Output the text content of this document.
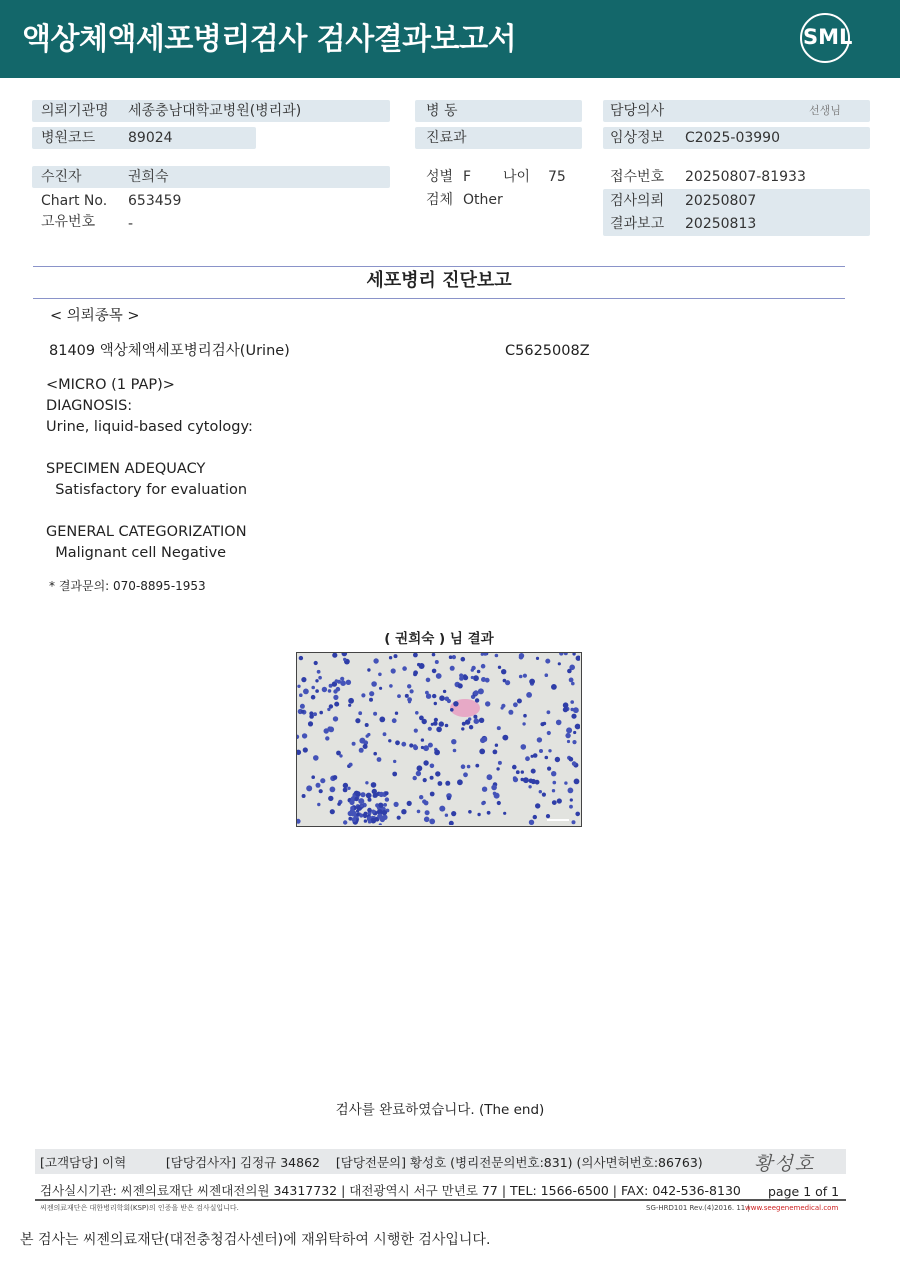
액상체액세포병리검사 검사결과보고서	SML
의뢰기관명 세종충남대학교병원(병리과)
병원코드 89024
수진자	권희숙
Chart No. 653459
고유번호 -
병 동
진료과
성별 F 나이 75
검체 Other
담당의사	선생님
임상정보 C2025-03990
접수번호 20250807-81933
검사의뢰 20250807
결과보고 20250813
세포병리 진단보고
< 의뢰종목 >
81409 액상체액세포병리검사(Urine)	C5625008Z
<MICRO (1 PAP)>
DIAGNOSIS:
Urine, liquid-based cytology:
SPECIMEN ADEQUACY
Satisfactory for evaluation
GENERAL CATEGORIZATION
Malignant cell Negative
* 결과문의: 070-8895-1953
( 권희숙 ) 님 결과
검사를 완료하였습니다. (The end)
[고객담당] 이혁          [담당검사자] 김정규 34862    [담당전문의] 황성호 (병리전문의번호:831) (의사면허번호:86763)	황성호
검사실시기관: 씨젠의료재단 씨젠대전의원 34317732 | 대전광역시 서구 만년로 77 | TEL: 1566-6500 | FAX: 042-536-8130 page 1 of 1
씨젠의료재단은 대한병리학회(KSP)의 인증을 받은 검사실입니다.	SG-HRD101 Rev.(4)2016. 11 |
www.seegenemedical.com
본 검사는 씨젠의료재단(대전충청검사센터)에 재위탁하여 시행한 검사입니다.
